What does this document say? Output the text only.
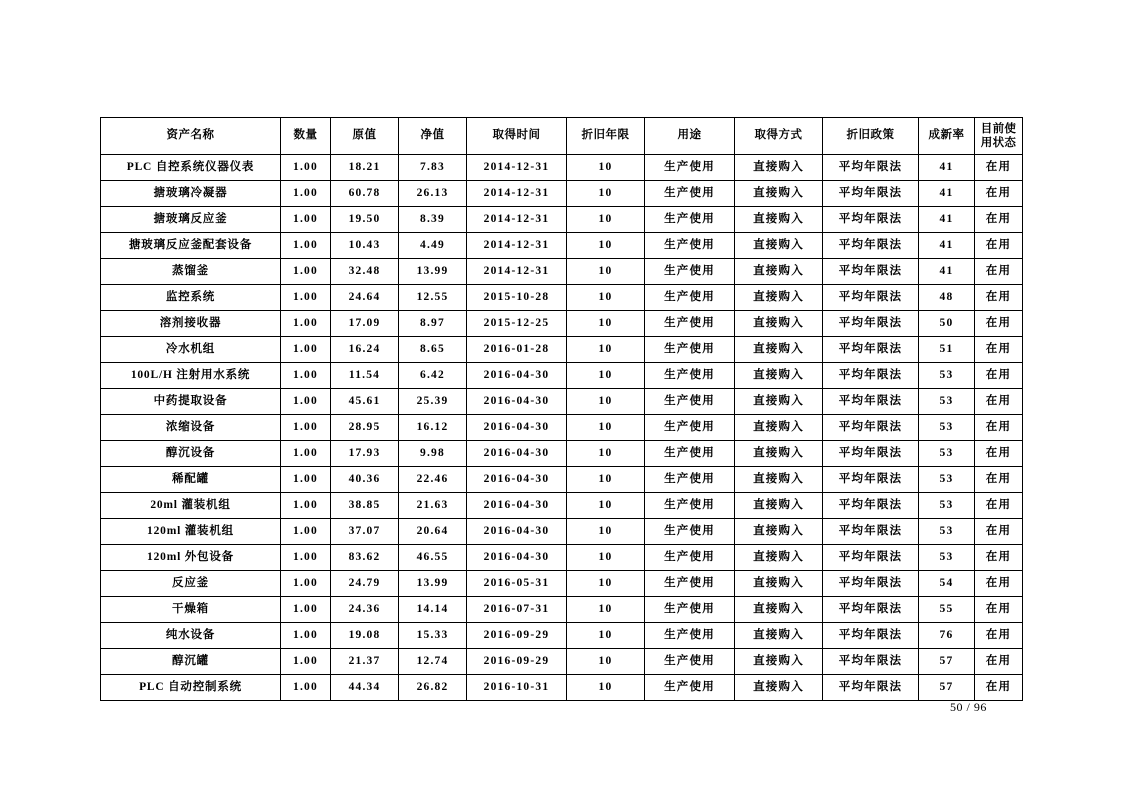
资产名称	数量	原值	净值	取得时间	折旧年限	用途	取得方式	折旧政策	成新率	目前使用状态
PLC 自控系统仪器仪表	1.00	18.21	7.83	2014-12-31	10	生产使用	直接购入	平均年限法	41	在用
搪玻璃冷凝器	1.00	60.78	26.13	2014-12-31	10	生产使用	直接购入	平均年限法	41	在用
搪玻璃反应釜	1.00	19.50	8.39	2014-12-31	10	生产使用	直接购入	平均年限法	41	在用
搪玻璃反应釜配套设备	1.00	10.43	4.49	2014-12-31	10	生产使用	直接购入	平均年限法	41	在用
蒸馏釜	1.00	32.48	13.99	2014-12-31	10	生产使用	直接购入	平均年限法	41	在用
监控系统	1.00	24.64	12.55	2015-10-28	10	生产使用	直接购入	平均年限法	48	在用
溶剂接收器	1.00	17.09	8.97	2015-12-25	10	生产使用	直接购入	平均年限法	50	在用
冷水机组	1.00	16.24	8.65	2016-01-28	10	生产使用	直接购入	平均年限法	51	在用
100L/H 注射用水系统	1.00	11.54	6.42	2016-04-30	10	生产使用	直接购入	平均年限法	53	在用
中药提取设备	1.00	45.61	25.39	2016-04-30	10	生产使用	直接购入	平均年限法	53	在用
浓缩设备	1.00	28.95	16.12	2016-04-30	10	生产使用	直接购入	平均年限法	53	在用
醇沉设备	1.00	17.93	9.98	2016-04-30	10	生产使用	直接购入	平均年限法	53	在用
稀配罐	1.00	40.36	22.46	2016-04-30	10	生产使用	直接购入	平均年限法	53	在用
20ml 灌装机组	1.00	38.85	21.63	2016-04-30	10	生产使用	直接购入	平均年限法	53	在用
120ml 灌装机组	1.00	37.07	20.64	2016-04-30	10	生产使用	直接购入	平均年限法	53	在用
120ml 外包设备	1.00	83.62	46.55	2016-04-30	10	生产使用	直接购入	平均年限法	53	在用
反应釜	1.00	24.79	13.99	2016-05-31	10	生产使用	直接购入	平均年限法	54	在用
干燥箱	1.00	24.36	14.14	2016-07-31	10	生产使用	直接购入	平均年限法	55	在用
纯水设备	1.00	19.08	15.33	2016-09-29	10	生产使用	直接购入	平均年限法	76	在用
醇沉罐	1.00	21.37	12.74	2016-09-29	10	生产使用	直接购入	平均年限法	57	在用
PLC 自动控制系统	1.00	44.34	26.82	2016-10-31	10	生产使用	直接购入	平均年限法	57	在用
50 / 96
